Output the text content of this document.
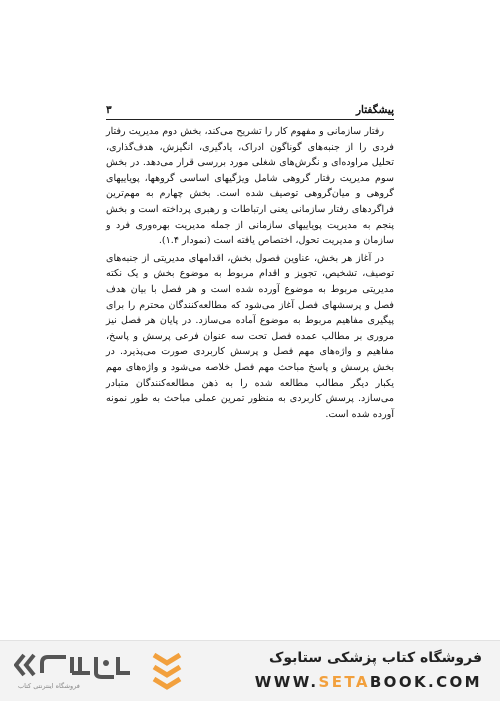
پیشگفتار
۳

رفتار سازمانی و مفهوم کار را تشریح می‌کند، بخش دوم مدیریت رفتار فردی را از جنبه‌های گوناگون ادراک، یادگیری، انگیزش، هدف‌گذاری، تحلیل مراوده‌ای و نگرش‌های شغلی مورد بررسی قرار می‌دهد. در بخش سوم مدیریت رفتار گروهی شامل ویژگیهای اساسی گروهها، پویاییهای گروهی و میان‌گروهی توصیف شده است. بخش چهارم به مهم‌ترین فراگردهای رفتار سازمانی یعنی ارتباطات و رهبری پرداخته است و بخش پنجم به مدیریت پویاییهای سازمانی از جمله مدیریت بهره‌وری فرد و سازمان و مدیریت تحول، اختصاص یافته است (نمودار ۱.۴).

در آغاز هر بخش، عناوین فصول بخش، اقدامهای مدیریتی از جنبه‌های توصیف، تشخیص، تجویز و اقدام مربوط به موضوع بخش و یک نکته مدیریتی مربوط به موضوع آورده شده است و هر فصل با بیان هدف فصل و پرسشهای فصل آغاز می‌شود که مطالعه‌کنندگان محترم را برای پیگیری مفاهیم مربوط به موضوع آماده می‌سازد. در پایان هر فصل نیز مروری بر مطالب عمده فصل تحت سه عنوان فرعی پرسش و پاسخ، مفاهیم و واژه‌های مهم فصل و پرسش کاربردی صورت می‌پذیرد. در بخش پرسش و پاسخ مباحث مهم فصل خلاصه می‌شود و واژه‌های مهم یکبار دیگر مطالب مطالعه شده را به ذهن مطالعه‌کنندگان متبادر می‌سازد. پرسش کاربردی به منظور تمرین عملی مباحث به طور نمونه آورده شده است.

فروشگاه اینترنتی کتاب
فروشگاه کتاب پزشکی ستابوک
WWW.SETABOOK.COM
